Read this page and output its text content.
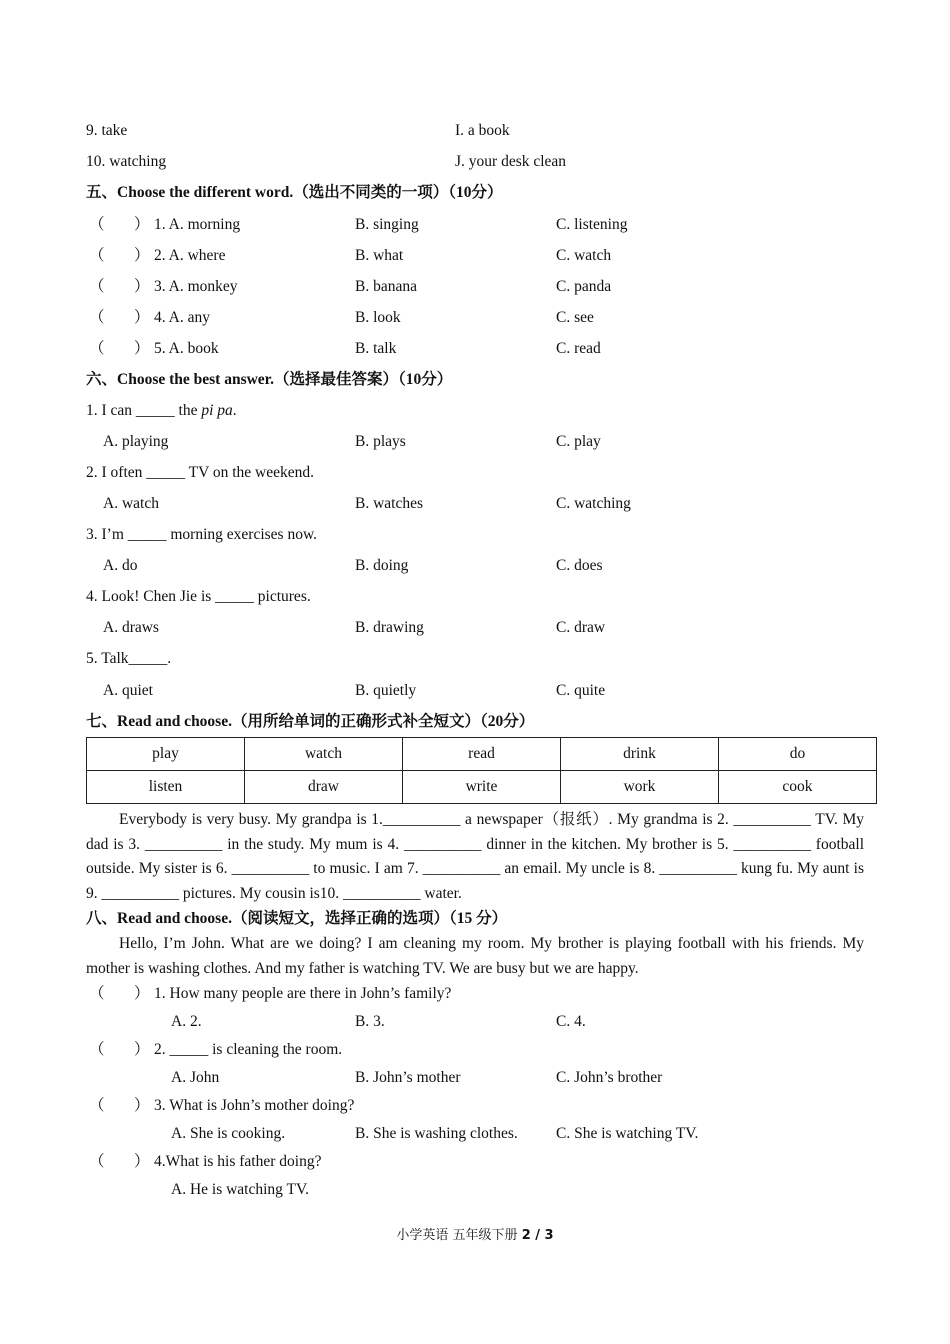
9. take	I. a book
10. watching	J. your desk clean
五、Choose the different word.（选出不同类的一项）（10分）
（ ） 1. A. morning	B. singing	C. listening
（ ） 2. A. where	B. what	C. watch
（ ） 3. A. monkey	B. banana	C. panda
（ ） 4. A. any	B. look	C. see
（ ） 5. A. book	B. talk	C. read
六、Choose the best answer.（选择最佳答案）（10分）
1. I can _____ the pi pa.
A. playing	B. plays	C. play
2. I often _____ TV on the weekend.
A. watch	B. watches	C. watching
3. I’m _____ morning exercises now.
A. do	B. doing	C. does
4. Look! Chen Jie is _____ pictures.
A. draws	B. drawing	C. draw
5. Talk_____.
A. quiet	B. quietly	C. quite
七、Read and choose.（用所给单词的正确形式补全短文）（20分）
play	watch	read	drink	do
listen	draw	write	work	cook
Everybody is very busy. My grandpa is 1.__________ a newspaper（报纸）. My grandma is 2. __________ TV. My dad is 3. __________ in the study. My mum is 4. __________ dinner in the kitchen. My brother is 5. __________ football outside. My sister is 6. __________ to music. I am 7. __________ an email. My uncle is 8. __________ kung fu. My aunt is 9. __________ pictures. My cousin is10. __________ water.
八、Read and choose.（阅读短文，选择正确的选项）（15 分）
Hello, I’m John. What are we doing? I am cleaning my room. My brother is playing football with his friends. My mother is washing clothes. And my father is watching TV. We are busy but we are happy.
（ ） 1. How many people are there in John’s family?
A. 2.	B. 3.	C. 4.
（ ） 2. _____ is cleaning the room.
A. John	B. John’s mother	C. John’s brother
（ ） 3. What is John’s mother doing?
A. She is cooking.	B. She is washing clothes. C. She is watching TV.
（ ） 4.What is his father doing?
A. He is watching TV.
小学英语 五年级下册 2 / 3
